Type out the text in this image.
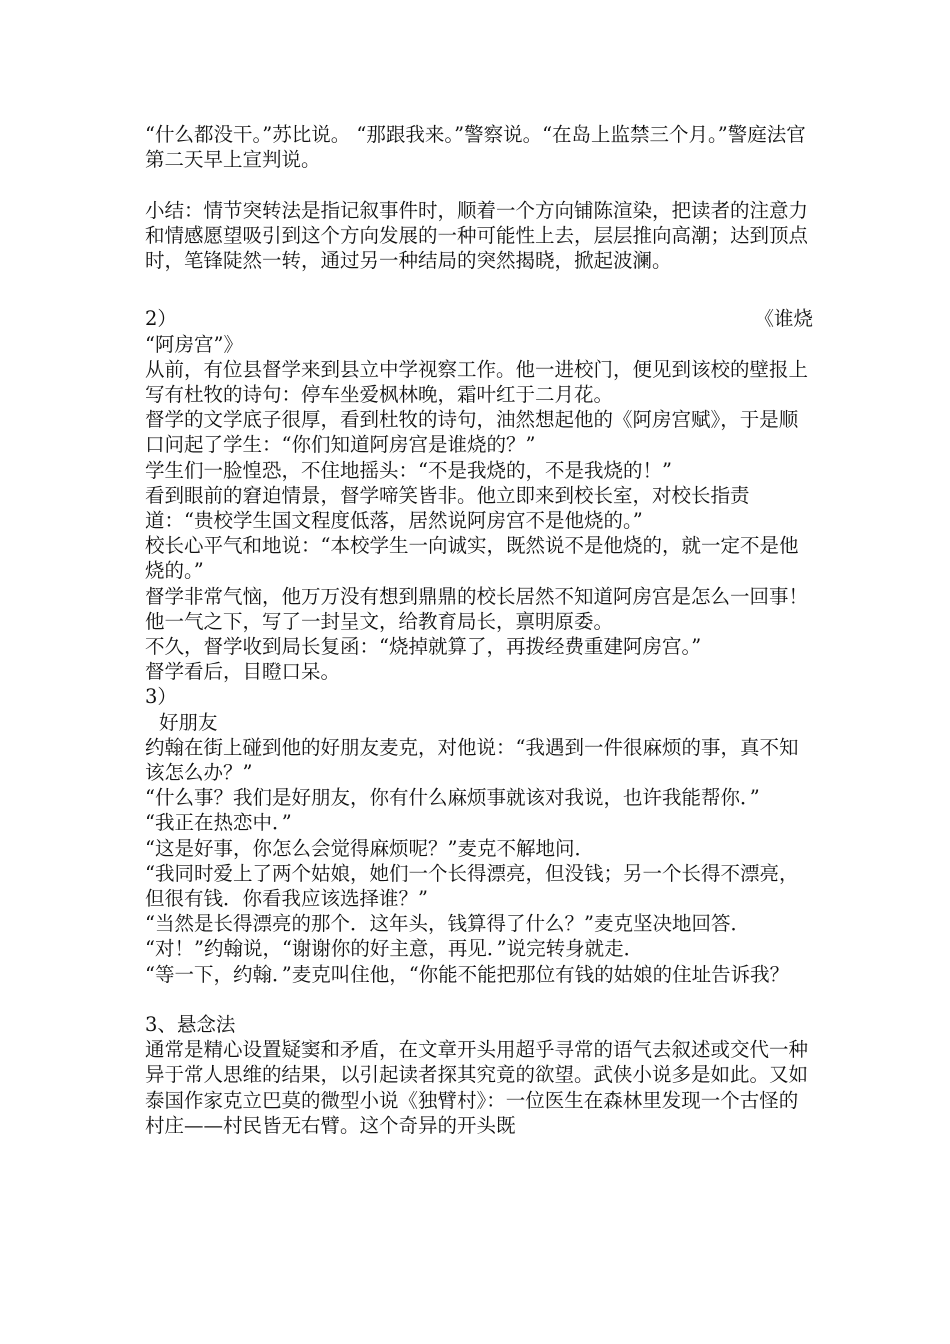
“什么都没干。”苏比说。 “那跟我来。”警察说。“在岛上监禁三个月。”警庭法官第二天早上宣判说。

小结：情节突转法是指记叙事件时，顺着一个方向铺陈渲染，把读者的注意力和情感愿望吸引到这个方向发展的一种可能性上去，层层推向高潮；达到顶点时，笔锋陡然一转，通过另一种结局的突然揭晓，掀起波澜。

2）	《谁烧

“阿房宫”》

从前，有位县督学来到县立中学视察工作。他一进校门，便见到该校的壁报上写有杜牧的诗句：停车坐爱枫林晚，霜叶红于二月花。

督学的文学底子很厚，看到杜牧的诗句，油然想起他的《阿房宫赋》，于是顺口问起了学生：“你们知道阿房宫是谁烧的？”

学生们一脸惶恐，不住地摇头：“不是我烧的，不是我烧的！”

看到眼前的窘迫情景，督学啼笑皆非。他立即来到校长室，对校长指责道：“贵校学生国文程度低落，居然说阿房宫不是他烧的。”

校长心平气和地说：“本校学生一向诚实，既然说不是他烧的，就一定不是他烧的。”

督学非常气恼，他万万没有想到鼎鼎的校长居然不知道阿房宫是怎么一回事！他一气之下，写了一封呈文，给教育局长，禀明原委。

不久，督学收到局长复函：“烧掉就算了，再拨经费重建阿房宫。”

督学看后，目瞪口呆。

3）

好朋友

约翰在街上碰到他的好朋友麦克，对他说：“我遇到一件很麻烦的事，真不知该怎么办？”

“什么事？我们是好朋友，你有什么麻烦事就该对我说，也许我能帮你．”

“我正在热恋中．”

“这是好事，你怎么会觉得麻烦呢？”麦克不解地问．

“我同时爱上了两个姑娘，她们一个长得漂亮，但没钱；另一个长得不漂亮，但很有钱．你看我应该选择谁？”

“当然是长得漂亮的那个．这年头，钱算得了什么？”麦克坚决地回答．

“对！”约翰说，“谢谢你的好主意，再见．”说完转身就走．

“等一下，约翰．”麦克叫住他，“你能不能把那位有钱的姑娘的住址告诉我？

3、悬念法

通常是精心设置疑窦和矛盾，在文章开头用超乎寻常的语气去叙述或交代一种异于常人思维的结果，以引起读者探其究竟的欲望。武侠小说多是如此。又如泰国作家克立巴莫的微型小说《独臂村》：一位医生在森林里发现一个古怪的村庄——村民皆无右臂。这个奇异的开头既
